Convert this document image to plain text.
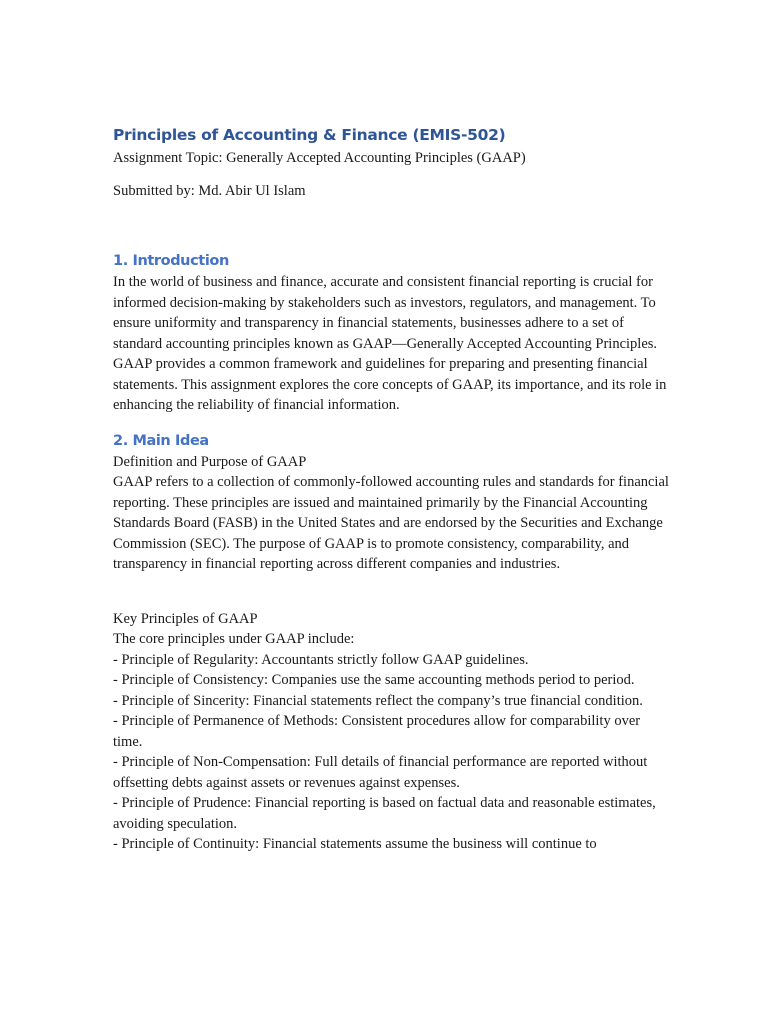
Principles of Accounting & Finance (EMIS-502)

Assignment Topic: Generally Accepted Accounting Principles (GAAP)

Submitted by: Md. Abir Ul Islam

1. Introduction

In the world of business and finance, accurate and consistent financial reporting is crucial for informed decision-making by stakeholders such as investors, regulators, and management. To ensure uniformity and transparency in financial statements, businesses adhere to a set of standard accounting principles known as GAAP—Generally Accepted Accounting Principles. GAAP provides a common framework and guidelines for preparing and presenting financial statements. This assignment explores the core concepts of GAAP, its importance, and its role in enhancing the reliability of financial information.

2. Main Idea

Definition and Purpose of GAAP

GAAP refers to a collection of commonly-followed accounting rules and standards for financial reporting. These principles are issued and maintained primarily by the Financial Accounting Standards Board (FASB) in the United States and are endorsed by the Securities and Exchange Commission (SEC). The purpose of GAAP is to promote consistency, comparability, and transparency in financial reporting across different companies and industries.

Key Principles of GAAP

The core principles under GAAP include:

- Principle of Regularity: Accountants strictly follow GAAP guidelines.
- Principle of Consistency: Companies use the same accounting methods period to period.
- Principle of Sincerity: Financial statements reflect the company’s true financial condition.
- Principle of Permanence of Methods: Consistent procedures allow for comparability over time.
- Principle of Non-Compensation: Full details of financial performance are reported without offsetting debts against assets or revenues against expenses.
- Principle of Prudence: Financial reporting is based on factual data and reasonable estimates, avoiding speculation.
- Principle of Continuity: Financial statements assume the business will continue to
